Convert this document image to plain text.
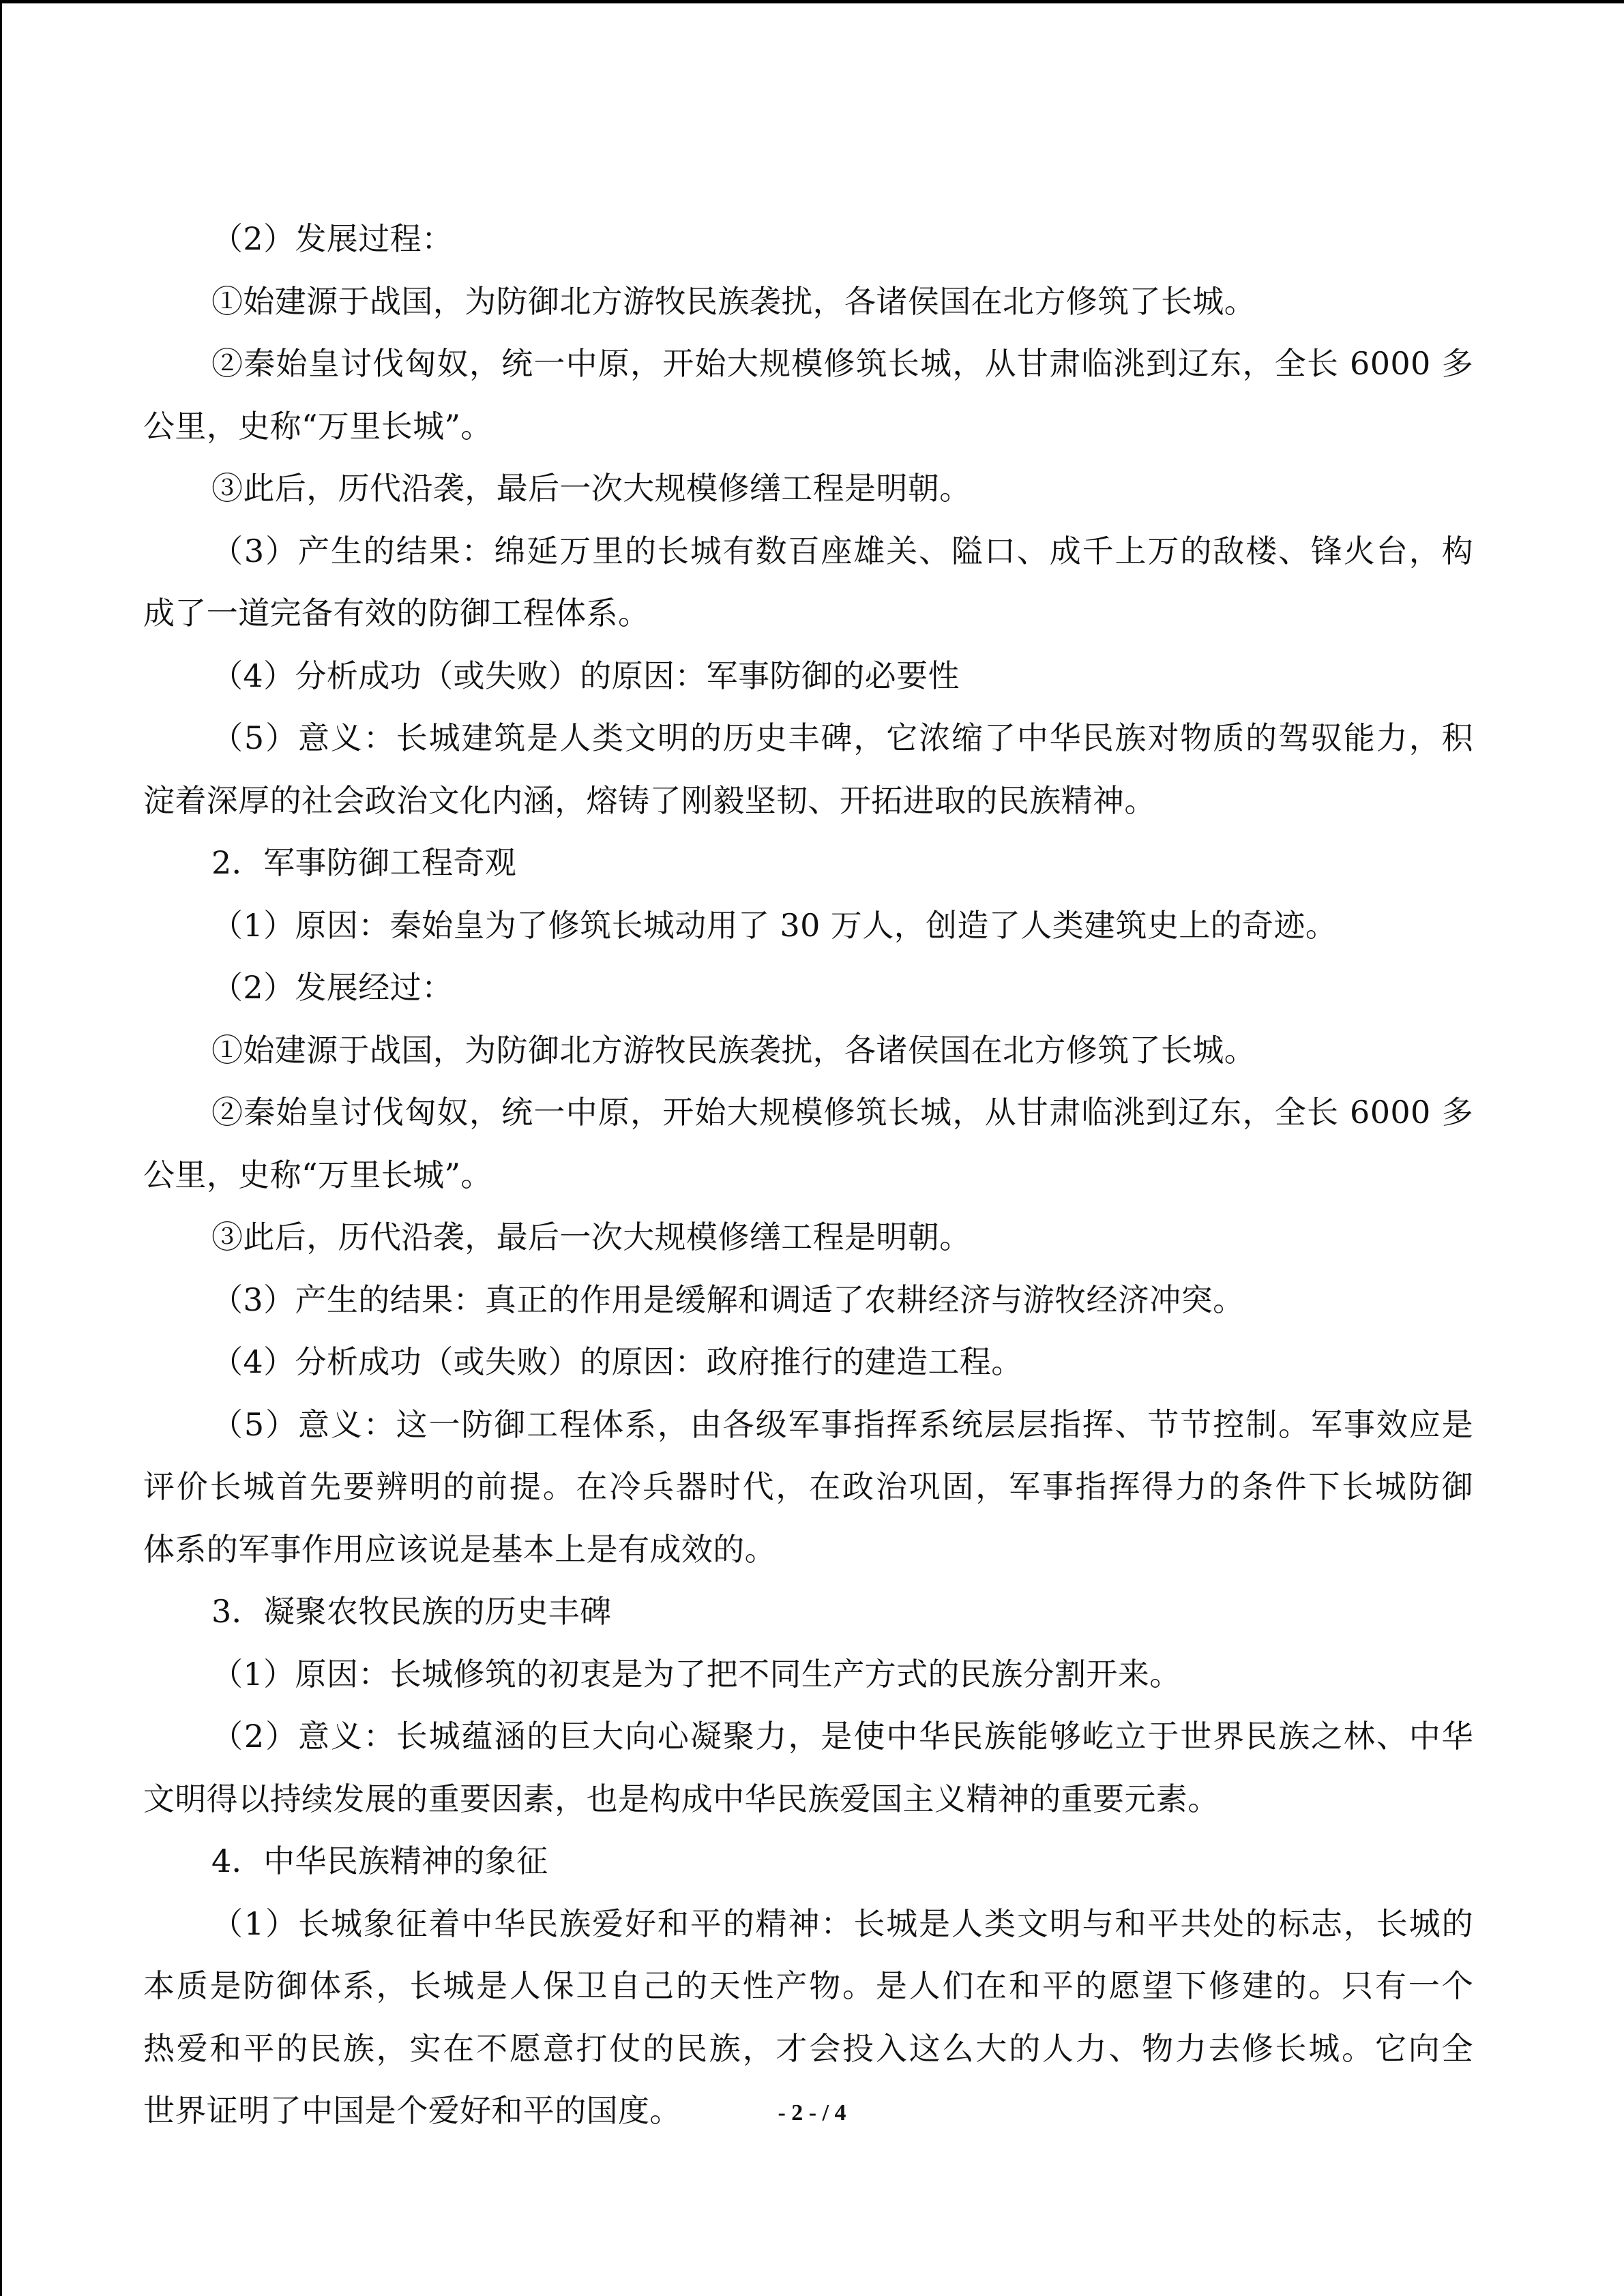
（2）发展过程：
①始建源于战国，为防御北方游牧民族袭扰，各诸侯国在北方修筑了长城。
②秦始皇讨伐匈奴，统一中原，开始大规模修筑长城，从甘肃临洮到辽东，全长 6000 多
公里，史称“万里长城”。
③此后，历代沿袭，最后一次大规模修缮工程是明朝。
（3）产生的结果：绵延万里的长城有数百座雄关、隘口、成千上万的敌楼、锋火台，构
成了一道完备有效的防御工程体系。
（4）分析成功（或失败）的原因：军事防御的必要性
（5）意义：长城建筑是人类文明的历史丰碑，它浓缩了中华民族对物质的驾驭能力，积
淀着深厚的社会政治文化内涵，熔铸了刚毅坚韧、开拓进取的民族精神。
2．军事防御工程奇观
（1）原因：秦始皇为了修筑长城动用了 30 万人，创造了人类建筑史上的奇迹。
（2）发展经过：
①始建源于战国，为防御北方游牧民族袭扰，各诸侯国在北方修筑了长城。
②秦始皇讨伐匈奴，统一中原，开始大规模修筑长城，从甘肃临洮到辽东，全长 6000 多
公里，史称“万里长城”。
③此后，历代沿袭，最后一次大规模修缮工程是明朝。
（3）产生的结果：真正的作用是缓解和调适了农耕经济与游牧经济冲突。
（4）分析成功（或失败）的原因：政府推行的建造工程。
（5）意义：这一防御工程体系，由各级军事指挥系统层层指挥、节节控制。军事效应是
评价长城首先要辨明的前提。在冷兵器时代，在政治巩固，军事指挥得力的条件下长城防御
体系的军事作用应该说是基本上是有成效的。
3．凝聚农牧民族的历史丰碑
（1）原因：长城修筑的初衷是为了把不同生产方式的民族分割开来。
（2）意义：长城蕴涵的巨大向心凝聚力，是使中华民族能够屹立于世界民族之林、中华
文明得以持续发展的重要因素，也是构成中华民族爱国主义精神的重要元素。
4．中华民族精神的象征
（1）长城象征着中华民族爱好和平的精神：长城是人类文明与和平共处的标志，长城的
本质是防御体系，长城是人保卫自己的天性产物。是人们在和平的愿望下修建的。只有一个
热爱和平的民族，实在不愿意打仗的民族，才会投入这么大的人力、物力去修长城。它向全
世界证明了中国是个爱好和平的国度。	- 2 - / 4
